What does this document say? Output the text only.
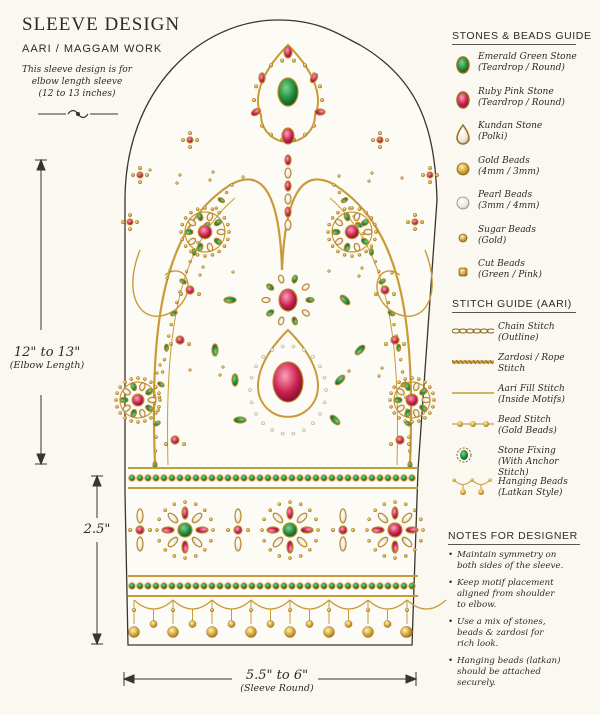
SLEEVE DESIGN
AARI / MAGGAM WORK
This sleeve design is for
elbow length sleeve
(12 to 13 inches)
12" to 13"
(Elbow Length)
2.5"
5.5" to 6"
(Sleeve Round)
STONES & BEADS GUIDE
Emerald Green Stone
(Teardrop / Round)
Ruby Pink Stone
(Teardrop / Round)
Kundan Stone
(Polki)
Gold Beads
(4mm / 3mm)
Pearl Beads
(3mm / 4mm)
Sugar Beads
(Gold)
Cut Beads
(Green / Pink)
STITCH GUIDE (AARI)
Chain Stitch
(Outline)
Zardosi / Rope
Stitch
Aari Fill Stitch
(Inside Motifs)
Bead Stitch
(Gold Beads)
Stone Fixing
(With Anchor Stitch)
Hanging Beads
(Latkan Style)
NOTES FOR DESIGNER
• Maintain symmetry on
both sides of the sleeve.
• Keep motif placement
aligned from shoulder
to elbow.
• Use a mix of stones,
beads & zardosi for
rich look.
• Hanging beads (latkan)
should be attached
securely.
